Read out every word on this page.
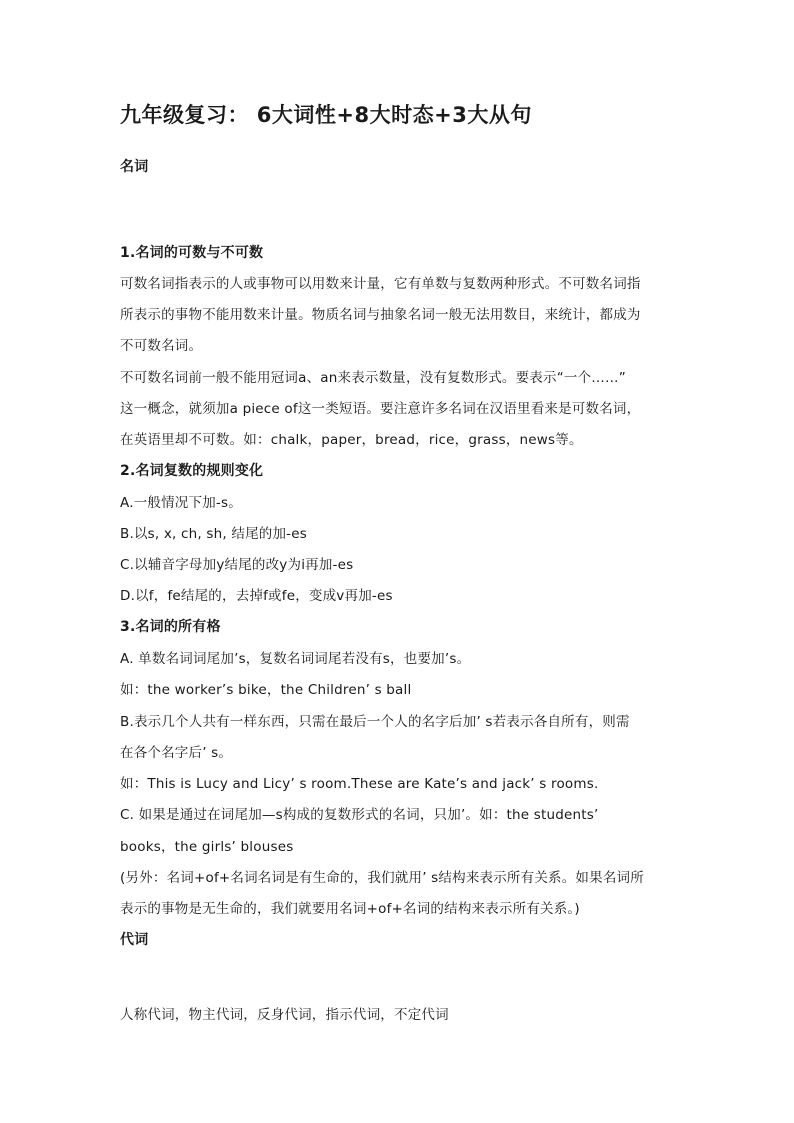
九年级复习： 6大词性+8大时态+3大从句
名词
1.名词的可数与不可数
可数名词指表示的人或事物可以用数来计量，它有单数与复数两种形式。不可数名词指
所表示的事物不能用数来计量。物质名词与抽象名词一般无法用数目，来统计，都成为
不可数名词。
不可数名词前一般不能用冠词a、an来表示数量，没有复数形式。要表示“一个……”
这一概念，就须加a piece of这一类短语。要注意许多名词在汉语里看来是可数名词，
在英语里却不可数。如：chalk，paper，bread，rice，grass，news等。
2.名词复数的规则变化
A.一般情况下加-s。
B.以s, x, ch, sh, 结尾的加-es
C.以辅音字母加y结尾的改y为i再加-es
D.以f，fe结尾的，去掉f或fe，变成v再加-es
3.名词的所有格
A. 单数名词词尾加’s，复数名词词尾若没有s，也要加’s。
如：the worker’s bike，the Children’ s ball
B.表示几个人共有一样东西，只需在最后一个人的名字后加’ s若表示各自所有，则需
在各个名字后’ s。
如：This is Lucy and Licy’ s room.These are Kate’s and jack’ s rooms.
C. 如果是通过在词尾加—s构成的复数形式的名词，只加’。如：the students’
books，the girls’ blouses
(另外：名词+of+名词名词是有生命的，我们就用’ s结构来表示所有关系。如果名词所
表示的事物是无生命的，我们就要用名词+of+名词的结构来表示所有关系。)
代词
人称代词，物主代词，反身代词，指示代词，不定代词
